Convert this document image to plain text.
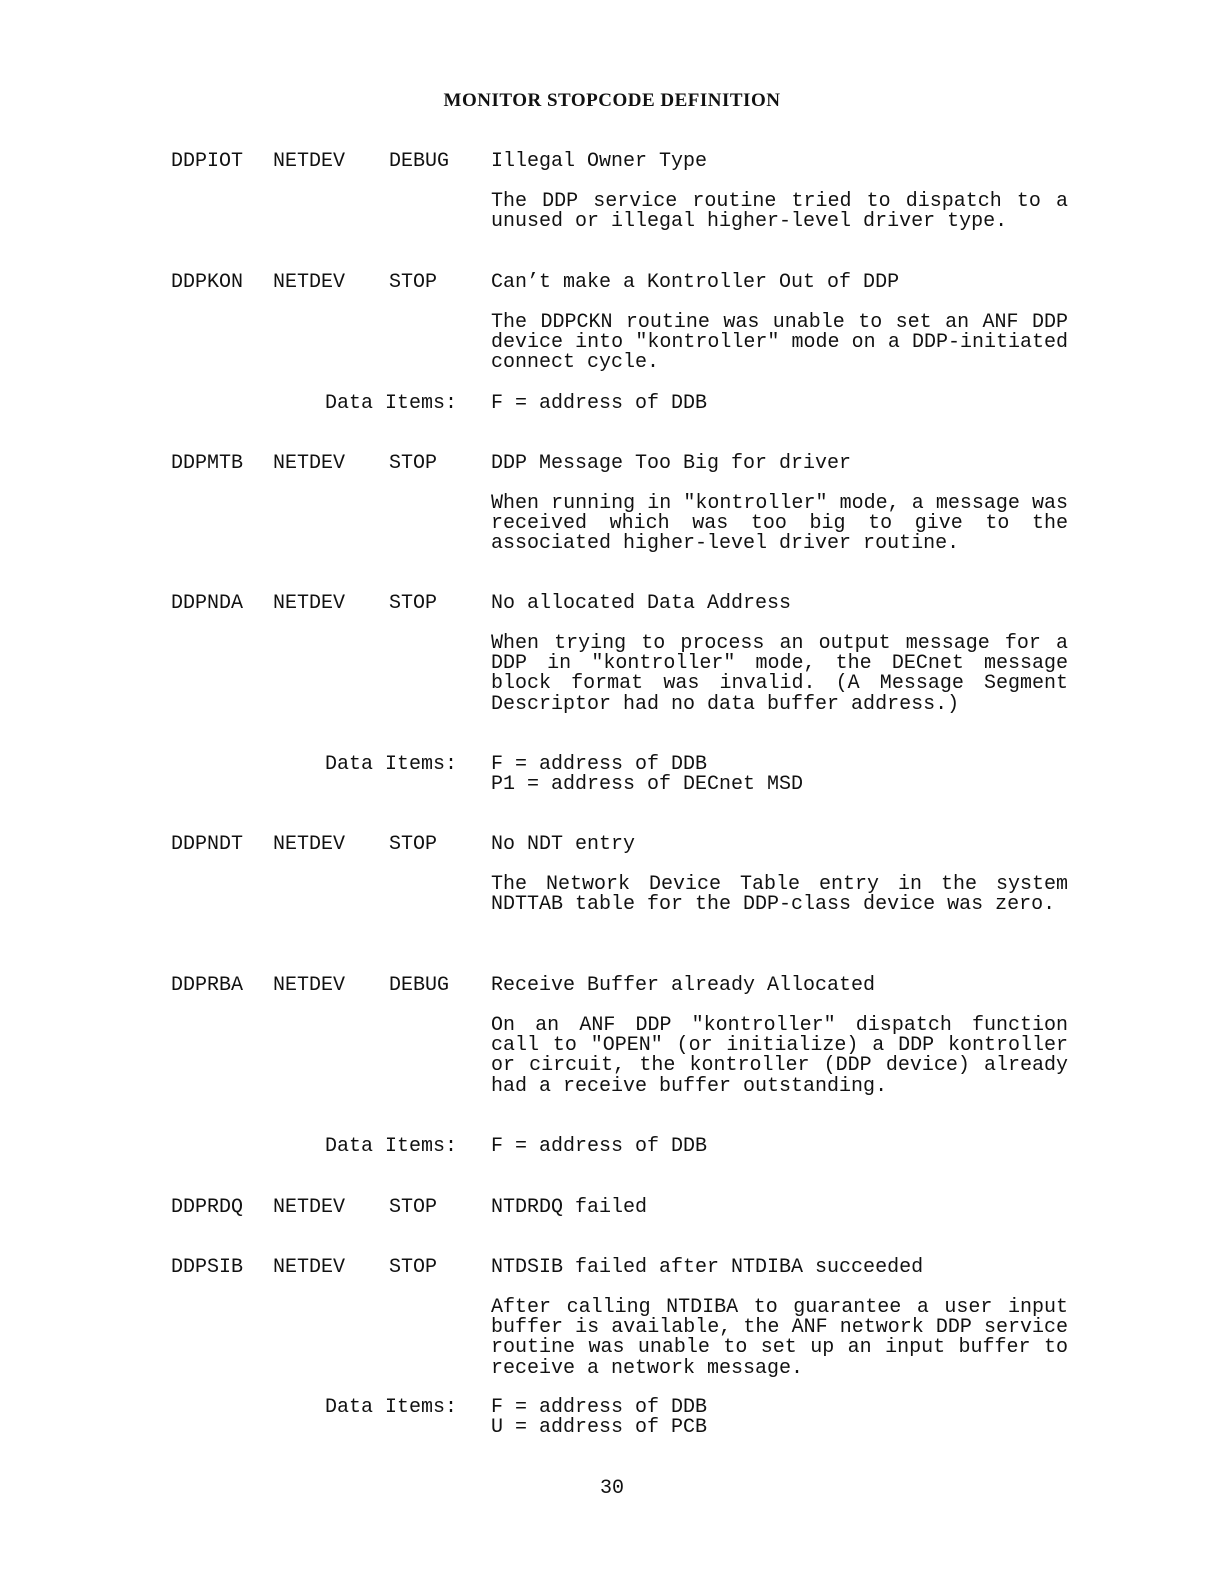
MONITOR STOPCODE DEFINITION
DDPIOT NETDEV DEBUG Illegal Owner Type
The DDP service routine tried to dispatch to a unused or illegal higher-level driver type.
DDPKON NETDEV STOP	Can’t make a Kontroller Out of DDP
The DDPCKN routine was unable to set an ANF DDP device into "kontroller" mode on a DDP-initiated connect cycle.
Data Items: F = address of DDB
DDPMTB NETDEV STOP	DDP Message Too Big for driver
When running in "kontroller" mode, a message was received which was too big to give to the associated higher-level driver routine.
DDPNDA NETDEV STOP	No allocated Data Address
When trying to process an output message for a DDP in "kontroller" mode, the DECnet message block format was invalid. (A Message Segment Descriptor had no data buffer address.)
Data Items: F = address of DDB
P1 = address of DECnet MSD
DDPNDT NETDEV STOP	No NDT entry
The Network Device Table entry in the system NDTTAB table for the DDP-class device was zero.
DDPRBA NETDEV DEBUG Receive Buffer already Allocated
On an ANF DDP "kontroller" dispatch function call to "OPEN" (or initialize) a DDP kontroller or circuit, the kontroller (DDP device) already had a receive buffer outstanding.
Data Items: F = address of DDB
DDPRDQ NETDEV STOP	NTDRDQ failed
DDPSIB NETDEV STOP	NTDSIB failed after NTDIBA succeeded
After calling NTDIBA to guarantee a user input buffer is available, the ANF network DDP service routine was unable to set up an input buffer to receive a network message.
Data Items: F = address of DDB
U = address of PCB
30
